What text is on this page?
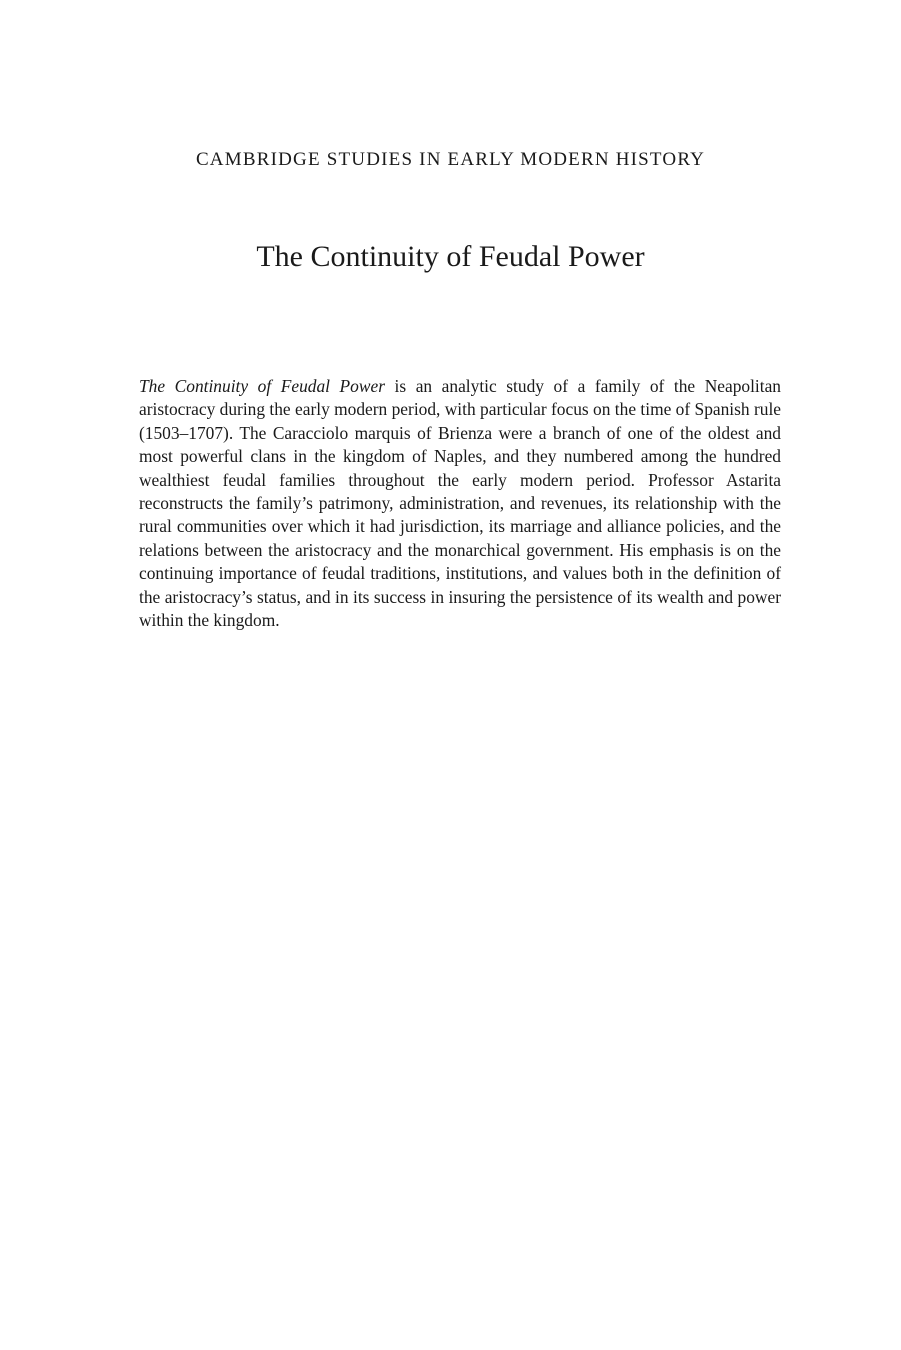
CAMBRIDGE STUDIES IN EARLY MODERN HISTORY
The Continuity of Feudal Power

The Continuity of Feudal Power is an analytic study of a family of the Neapolitan aristocracy during the early modern period, with particular focus on the time of Spanish rule (1503–1707). The Caracciolo marquis of Brienza were a branch of one of the oldest and most powerful clans in the kingdom of Naples, and they numbered among the hundred wealthiest feudal families throughout the early modern period. Professor Astarita reconstructs the family’s patrimony, administration, and revenues, its relationship with the rural communities over which it had jurisdiction, its marriage and alliance policies, and the relations between the aristocracy and the monarchical government. His emphasis is on the continuing importance of feudal traditions, institutions, and values both in the definition of the aristocracy’s status, and in its success in insuring the persistence of its wealth and power within the kingdom.
